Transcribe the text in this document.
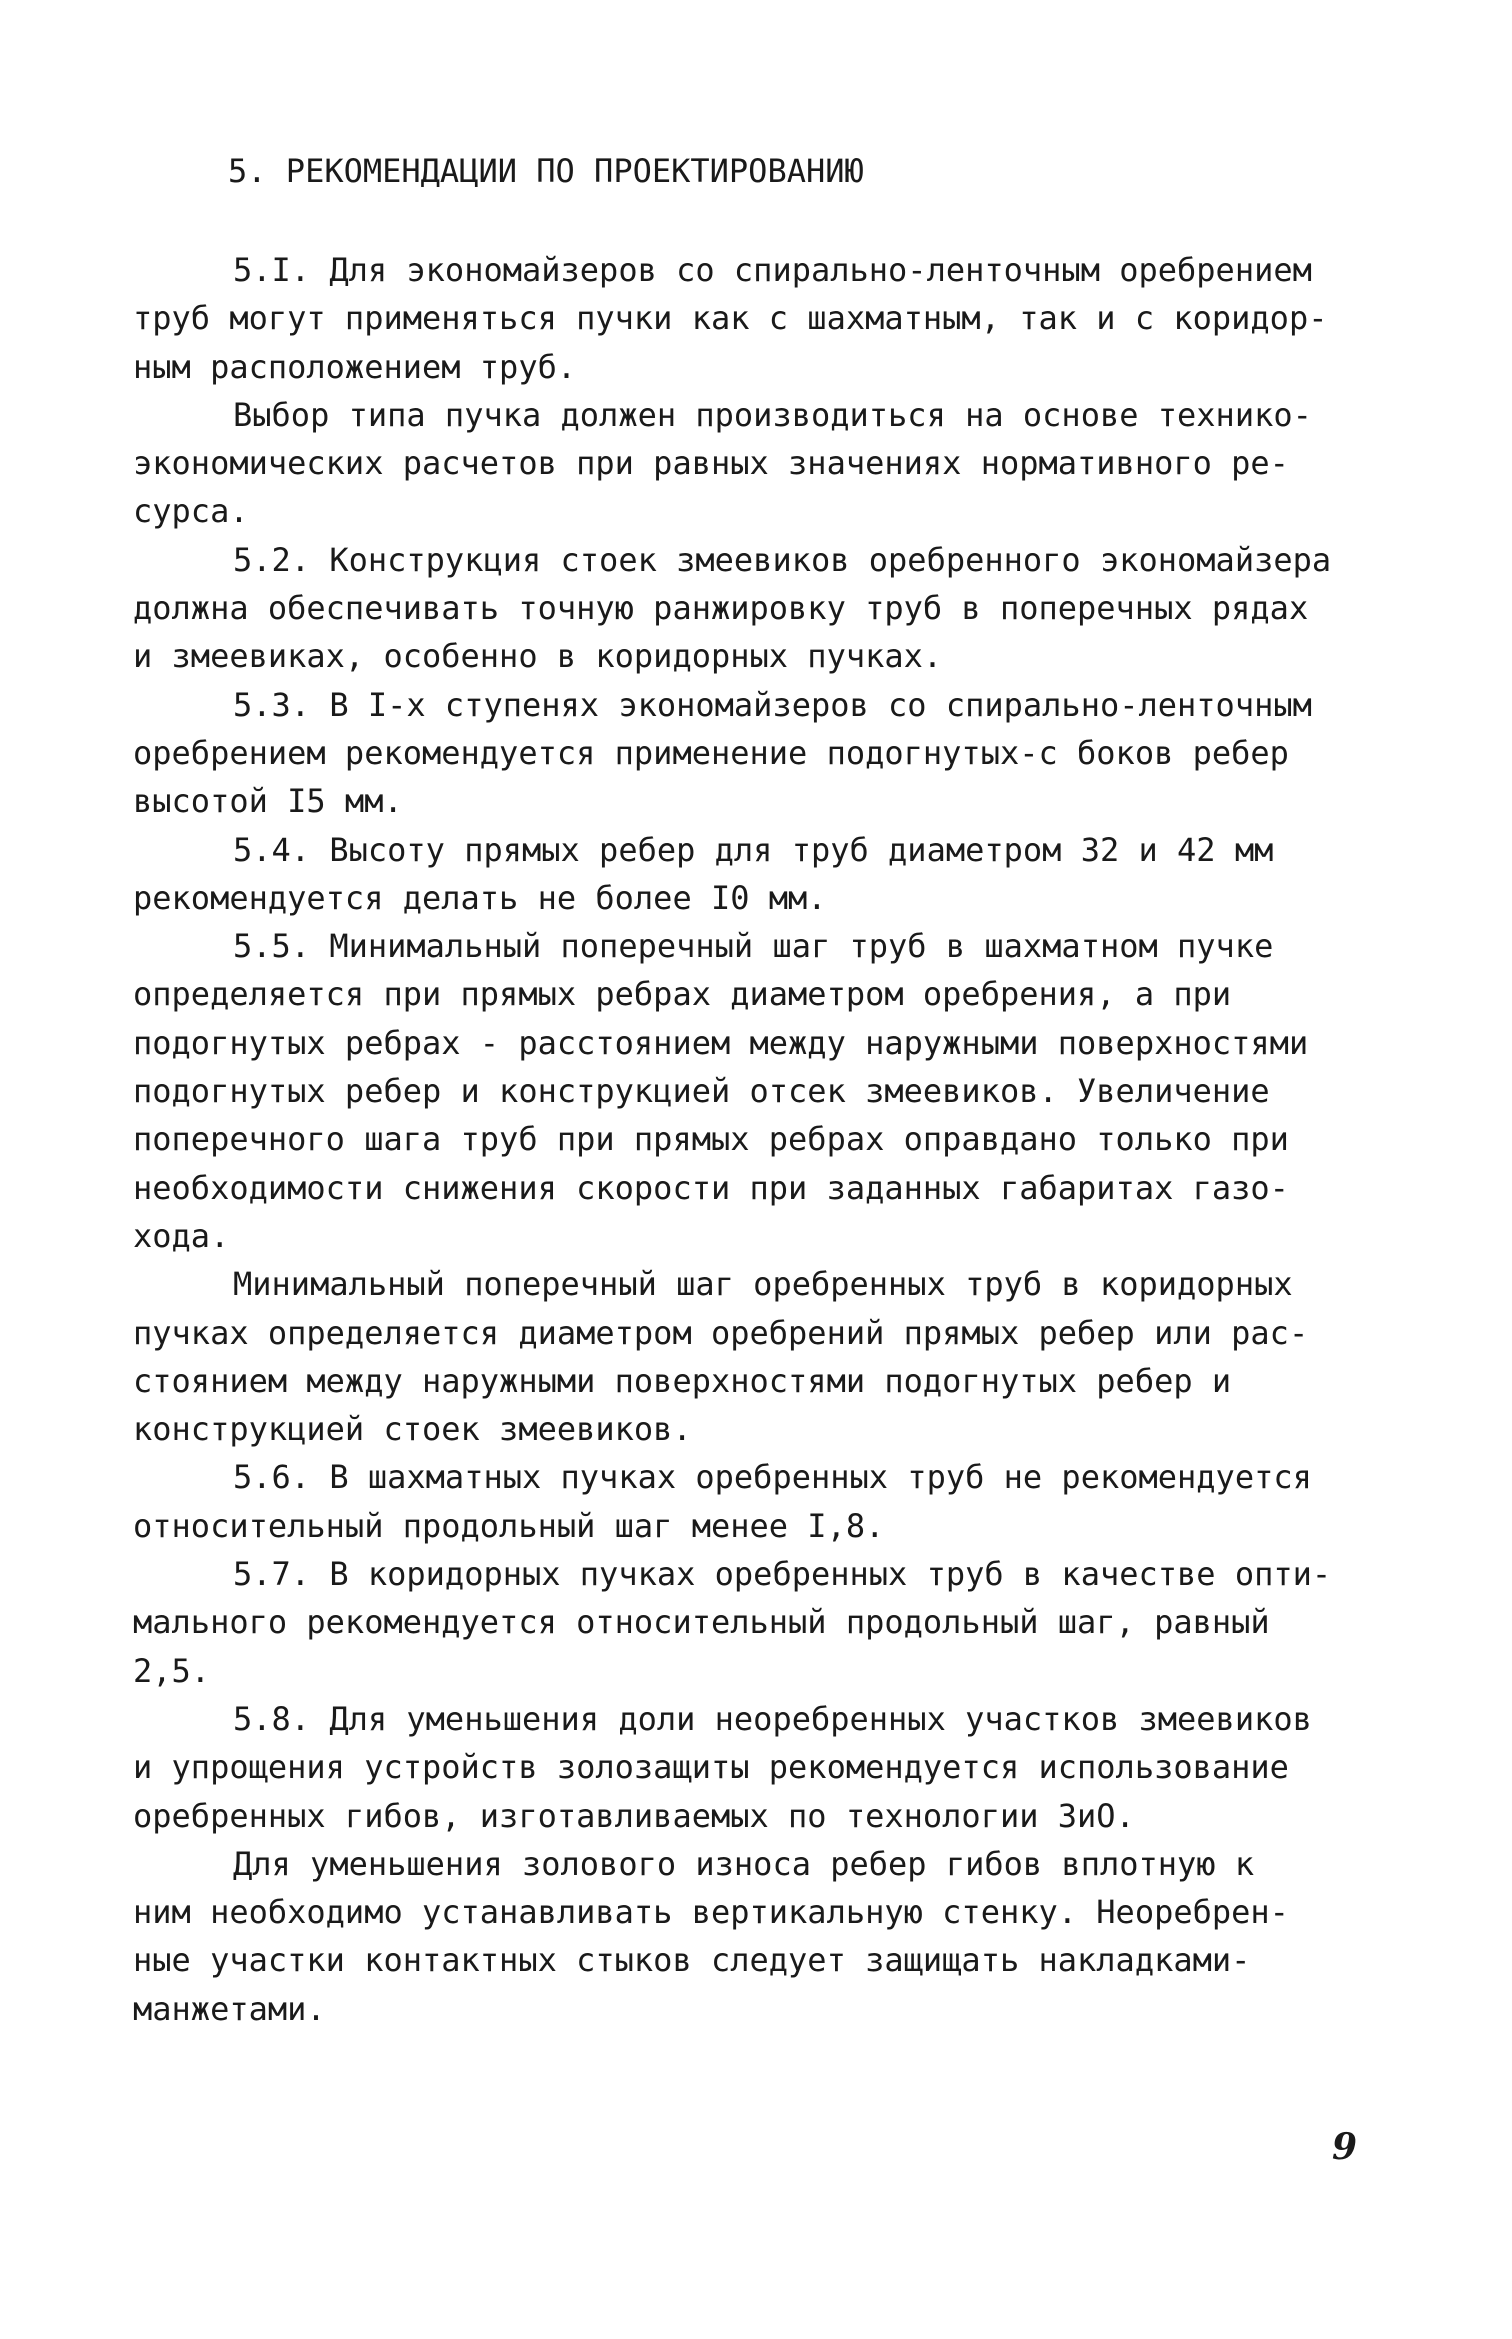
5. РЕКОМЕНДАЦИИ ПО ПРОЕКТИРОВАНИЮ
5.I. Для экономайзеров со спирально-ленточным оребрением
труб могут применяться пучки как с шахматным, так и с коридор-
ным расположением труб.
Выбор типа пучка должен производиться на основе технико-
экономических расчетов при равных значениях нормативного ре-
сурса.
5.2. Конструкция стоек змеевиков оребренного экономайзера
должна обеспечивать точную ранжировку труб в поперечных рядах
и змеевиках, особенно в коридорных пучках.
5.3. В I-х ступенях экономайзеров со спирально-ленточным
оребрением рекомендуется применение подогнутых-с боков ребер
высотой I5 мм.
5.4. Высоту прямых ребер для труб диаметром 32 и 42 мм
рекомендуется делать не более I0 мм.
5.5. Минимальный поперечный шаг труб в шахматном пучке
определяется при прямых ребрах диаметром оребрения, а при
подогнутых ребрах - расстоянием между наружными поверхностями
подогнутых ребер и конструкцией отсек змеевиков. Увеличение
поперечного шага труб при прямых ребрах оправдано только при
необходимости снижения скорости при заданных габаритах газо-
хода.
Минимальный поперечный шаг оребренных труб в коридорных
пучках определяется диаметром оребрений прямых ребер или рас-
стоянием между наружными поверхностями подогнутых ребер и
конструкцией стоек змеевиков.
5.6. В шахматных пучках оребренных труб не рекомендуется
относительный продольный шаг менее I,8.
5.7. В коридорных пучках оребренных труб в качестве опти-
мального рекомендуется относительный продольный шаг, равный
2,5.
5.8. Для уменьшения доли неоребренных участков змеевиков
и упрощения устройств золозащиты рекомендуется использование
оребренных гибов, изготавливаемых по технологии ЗиО.
Для уменьшения золового износа ребер гибов вплотную к
ним необходимо устанавливать вертикальную стенку. Неоребрен-
ные участки контактных стыков следует защищать накладками-
манжетами.
9
